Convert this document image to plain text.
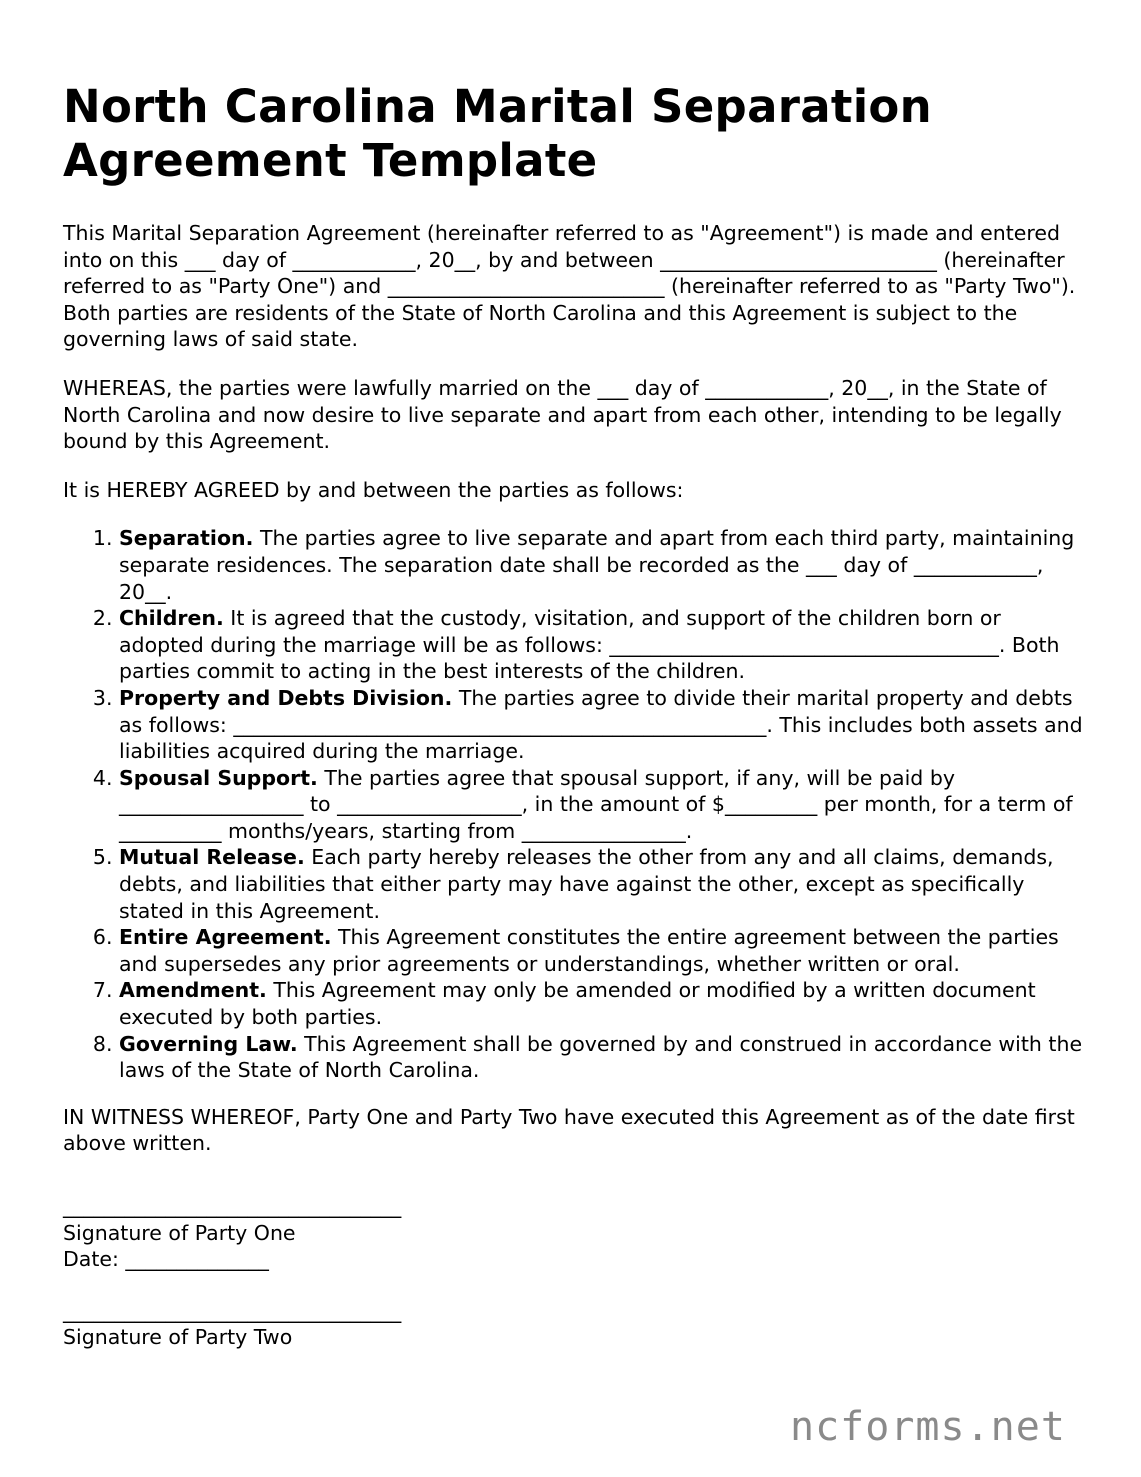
North Carolina Marital Separation Agreement Template

This Marital Separation Agreement (hereinafter referred to as "Agreement") is made and entered into on this ___ day of ____________, 20__, by and between ___________________________ (hereinafter referred to as "Party One") and ___________________________ (hereinafter referred to as "Party Two"). Both parties are residents of the State of North Carolina and this Agreement is subject to the governing laws of said state.

WHEREAS, the parties were lawfully married on the ___ day of ____________, 20__, in the State of North Carolina and now desire to live separate and apart from each other, intending to be legally bound by this Agreement.

It is HEREBY AGREED by and between the parties as follows:

1. Separation. The parties agree to live separate and apart from each third party, maintaining separate residences. The separation date shall be recorded as the ___ day of ____________, 20__.
2. Children. It is agreed that the custody, visitation, and support of the children born or adopted during the marriage will be as follows: ______________________________________. Both parties commit to acting in the best interests of the children.
3. Property and Debts Division. The parties agree to divide their marital property and debts as follows: ____________________________________________________. This includes both assets and liabilities acquired during the marriage.
4. Spousal Support. The parties agree that spousal support, if any, will be paid by __________________ to __________________, in the amount of $_________ per month, for a term of __________ months/years, starting from ________________.
5. Mutual Release. Each party hereby releases the other from any and all claims, demands, debts, and liabilities that either party may have against the other, except as specifically stated in this Agreement.
6. Entire Agreement. This Agreement constitutes the entire agreement between the parties and supersedes any prior agreements or understandings, whether written or oral.
7. Amendment. This Agreement may only be amended or modified by a written document executed by both parties.
8. Governing Law. This Agreement shall be governed by and construed in accordance with the laws of the State of North Carolina.

IN WITNESS WHEREOF, Party One and Party Two have executed this Agreement as of the date first above written.

_________________________________
Signature of Party One
Date: ______________
_________________________________
Signature of Party Two
ncforms.net
